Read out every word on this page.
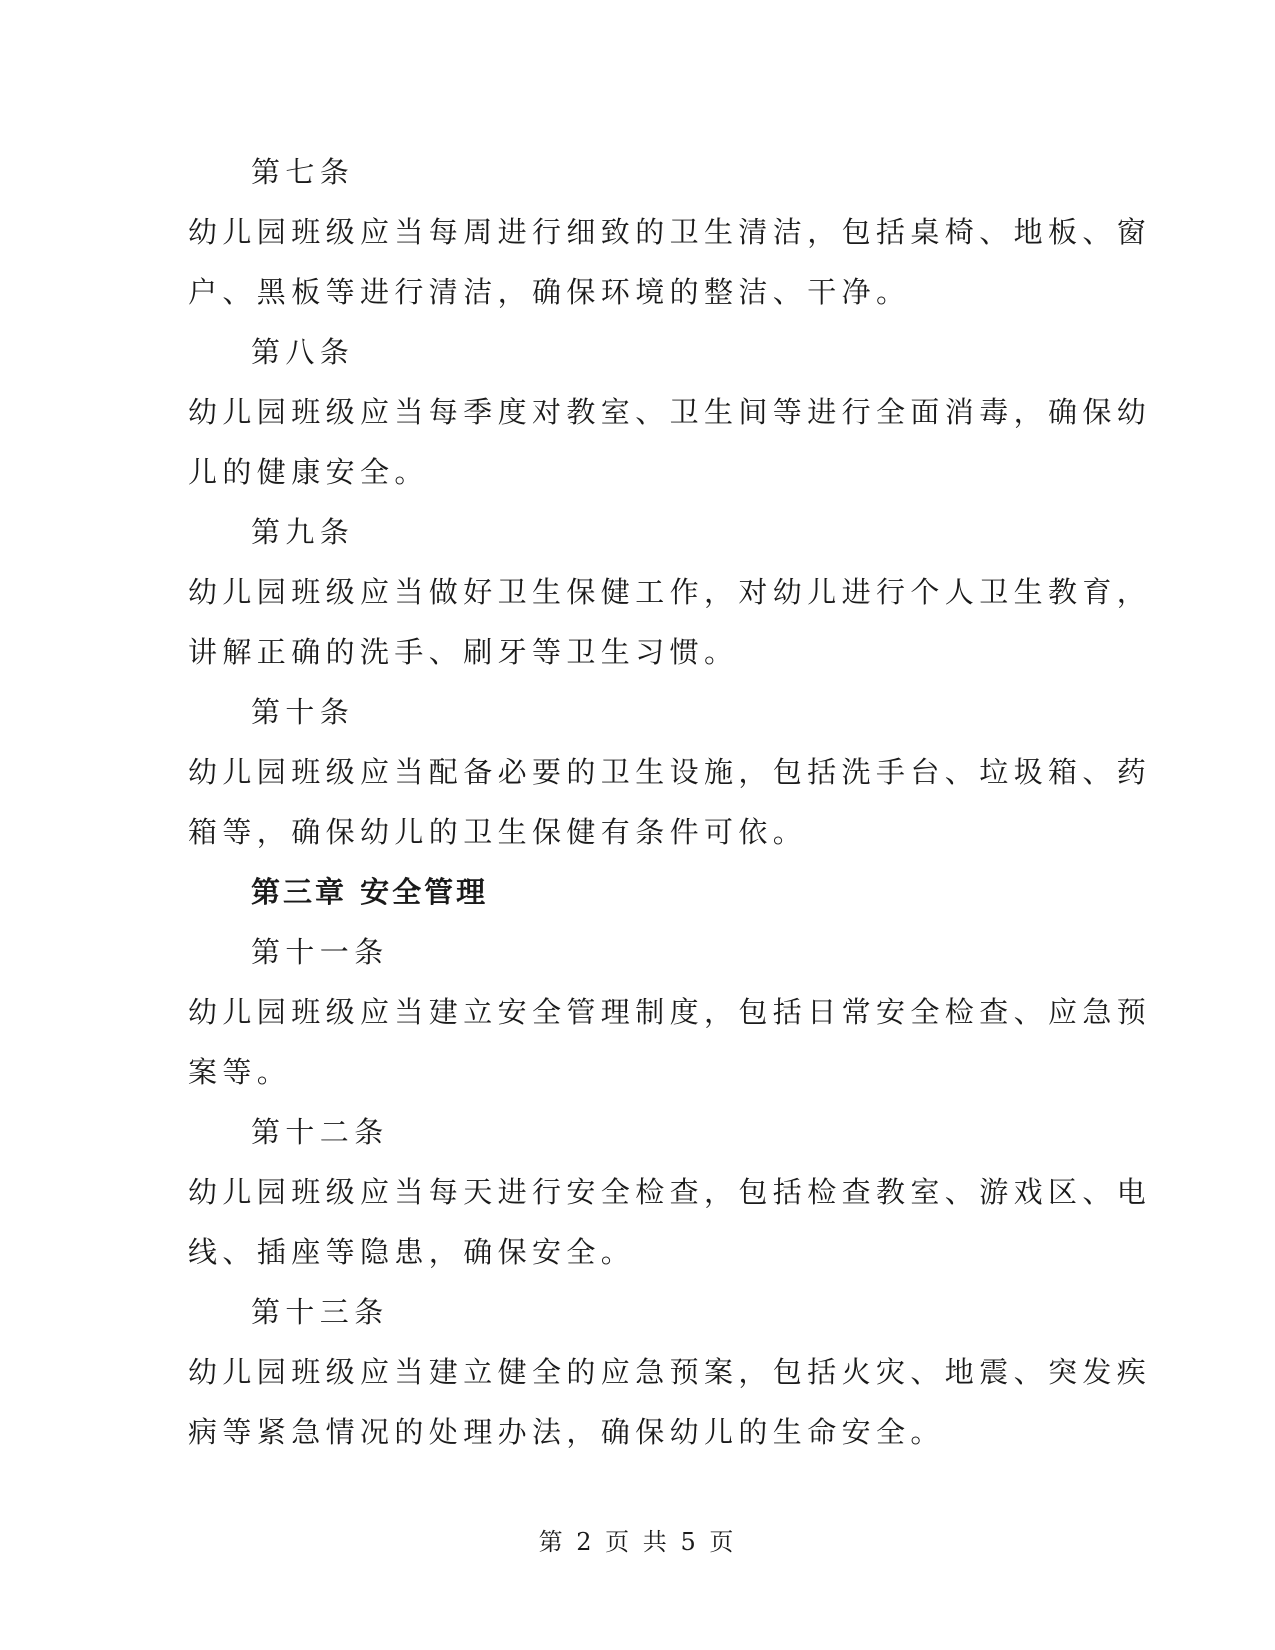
第七条
幼儿园班级应当每周进行细致的卫生清洁，包括桌椅、地板、窗
户、黑板等进行清洁，确保环境的整洁、干净。
第八条
幼儿园班级应当每季度对教室、卫生间等进行全面消毒，确保幼
儿的健康安全。
第九条
幼儿园班级应当做好卫生保健工作，对幼儿进行个人卫生教育，
讲解正确的洗手、刷牙等卫生习惯。
第十条
幼儿园班级应当配备必要的卫生设施，包括洗手台、垃圾箱、药
箱等，确保幼儿的卫生保健有条件可依。
第三章 安全管理
第十一条
幼儿园班级应当建立安全管理制度，包括日常安全检查、应急预
案等。
第十二条
幼儿园班级应当每天进行安全检查，包括检查教室、游戏区、电
线、插座等隐患，确保安全。
第十三条
幼儿园班级应当建立健全的应急预案，包括火灾、地震、突发疾
病等紧急情况的处理办法，确保幼儿的生命安全。
第 2 页 共 5 页
